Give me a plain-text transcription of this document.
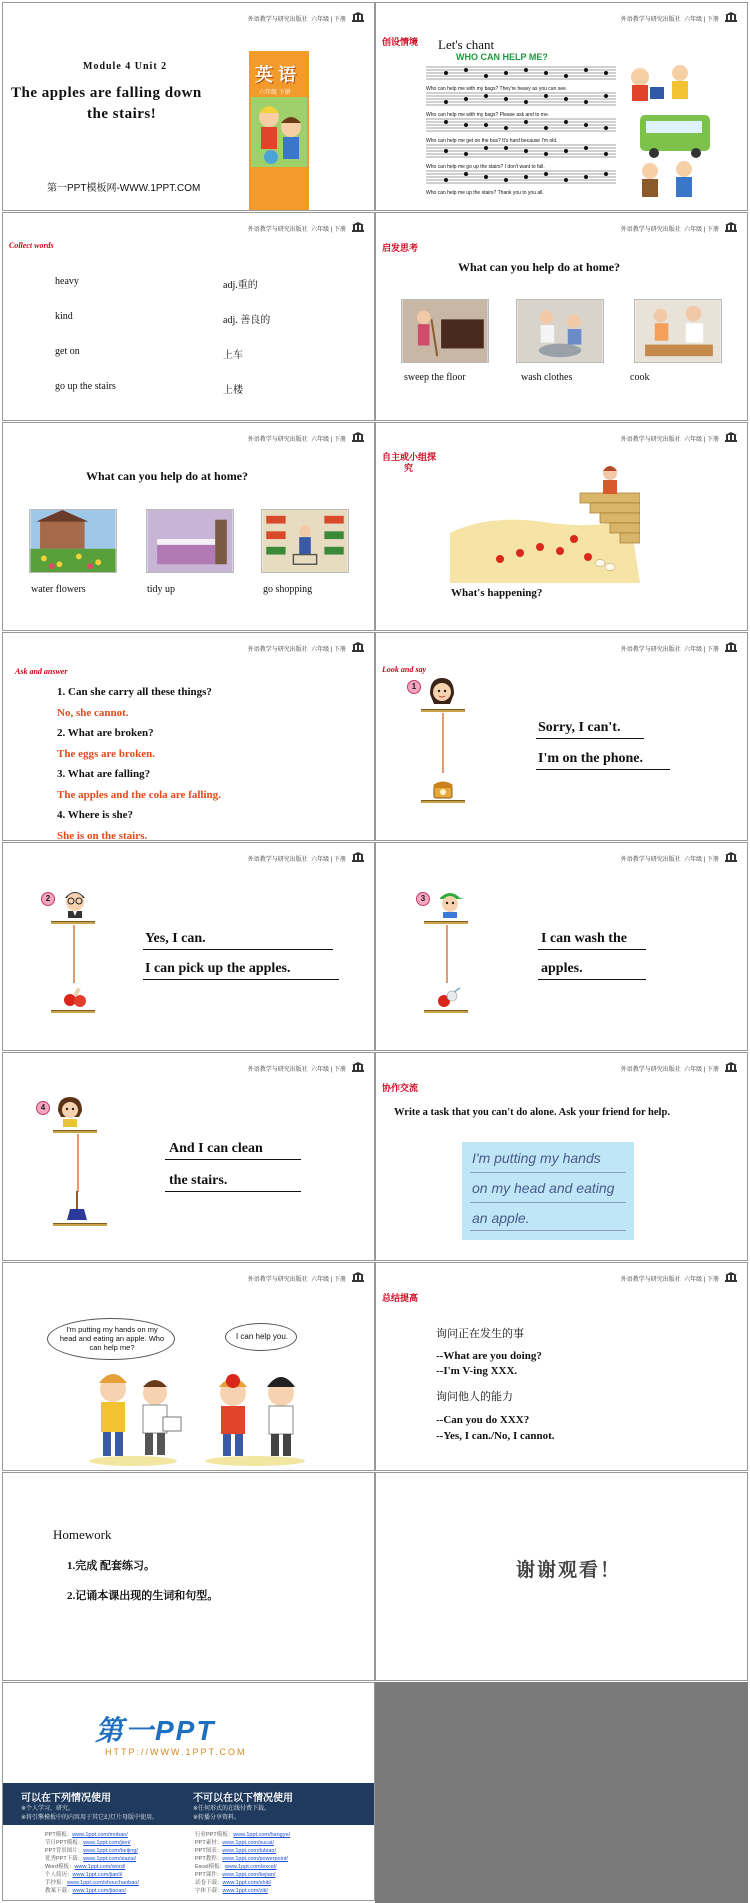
外语教学与研究出版社 六年级 | 下册
Module 4 Unit 2
The apples are falling down
the stairs!
第一PPT模板网-WWW.1PPT.COM
英 语
六年级 下册
外语教学与研究出版社 六年级 | 下册
创设情境 Let's chant
WHO CAN HELP ME?
Who can help me with my bags? They're heavy as you can see.
Who can help me with my bags? Please ask and to me.
Who can help me get on the bus? It's hard because I'm old.
Who can help me go up the stairs? I don't want to fall.
Who can help me up the stairs? Thank you to you all.
外语教学与研究出版社 六年级 | 下册
Collect words
heavy	adj.重的
kind	adj. 善良的
get on	上车
go up the stairs	上楼
外语教学与研究出版社 六年级 | 下册
启发思考
What can you help do at home?
sweep the floor	wash clothes	cook
外语教学与研究出版社 六年级 | 下册
What can you help do at home?
water flowers	tidy up	go shopping
外语教学与研究出版社 六年级 | 下册
自主或小组探
究
What's happening?
外语教学与研究出版社 六年级 | 下册
Ask and answer
1. Can she carry all these things?
No, she cannot.
2. What are broken?
The eggs are broken.
3. What are falling?
The apples and the cola are falling.
4. Where is she?
She is on the stairs.
外语教学与研究出版社 六年级 | 下册
Look and say
1
Sorry, I can't.
I'm on the phone.
外语教学与研究出版社 六年级 | 下册
2
Yes, I can.
I can pick up the apples.
外语教学与研究出版社 六年级 | 下册
3
I can wash the
apples.
外语教学与研究出版社 六年级 | 下册
4
And I can clean
the stairs.
外语教学与研究出版社 六年级 | 下册
协作交流
Write a task that you can't do alone. Ask your friend for help.
I'm putting my hands
on my head and eating
an apple.
外语教学与研究出版社 六年级 | 下册
I'm putting my hands on my head and eating an apple. Who can help me?
I can help you.
外语教学与研究出版社 六年级 | 下册
总结提高
询问正在发生的事
--What are you doing?
--I'm V-ing XXX.
询问他人的能力
--Can you do XXX?
--Yes, I can./No, I cannot.
Homework
1.完成 配套练习。
2.记诵本课出现的生词和句型。
谢谢观看！
第一PPT
HTTP://WWW.1PPT.COM
可以在下列情况使用
※个人学习、研究。
※将引擎模板中的内容用于其它幻灯片母版中使用。
不可以在以下情况使用
※任何形式的在线付费下载。
※转播分享资料。
PPT模板：www.1ppt.com/moban/
节日PPT模板：www.1ppt.com/jieri/
PPT背景图片：www.1ppt.com/beijing/
优秀PPT下载：www.1ppt.com/xiazai/
Word模板：www.1ppt.com/word/
个人简历：www.1ppt.com/jianli/
手抄报：www.1ppt.com/shouchaobao/
教案下载：www.1ppt.com/jiaoan/
行业PPT模板：www.1ppt.com/hangye/
PPT素材：www.1ppt.com/sucai/
PPT图表：www.1ppt.com/tubiao/
PPT教程：www.1ppt.com/powerpoint/
Excel模板：www.1ppt.com/excel/
PPT课件：www.1ppt.com/kejian/
试卷下载：www.1ppt.com/shiti/
字体下载：www.1ppt.com/ziti/
